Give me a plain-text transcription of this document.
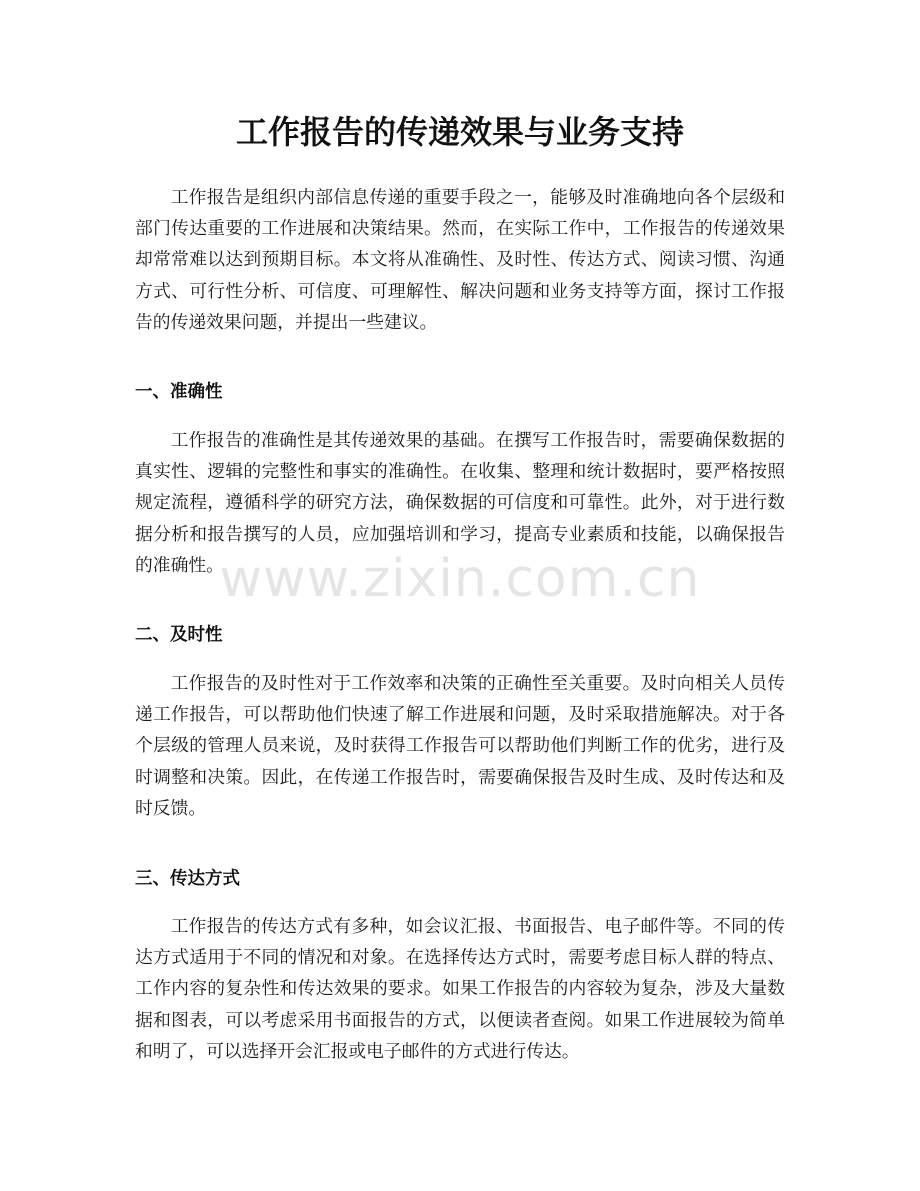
工作报告的传递效果与业务支持

工作报告是组织内部信息传递的重要手段之一，能够及时准确地向各个层级和部门传达重要的工作进展和决策结果。然而，在实际工作中，工作报告的传递效果却常常难以达到预期目标。本文将从准确性、及时性、传达方式、阅读习惯、沟通方式、可行性分析、可信度、可理解性、解决问题和业务支持等方面，探讨工作报告的传递效果问题，并提出一些建议。

一、准确性

工作报告的准确性是其传递效果的基础。在撰写工作报告时，需要确保数据的真实性、逻辑的完整性和事实的准确性。在收集、整理和统计数据时，要严格按照规定流程，遵循科学的研究方法，确保数据的可信度和可靠性。此外，对于进行数据分析和报告撰写的人员，应加强培训和学习，提高专业素质和技能，以确保报告的准确性。

二、及时性

工作报告的及时性对于工作效率和决策的正确性至关重要。及时向相关人员传递工作报告，可以帮助他们快速了解工作进展和问题，及时采取措施解决。对于各个层级的管理人员来说，及时获得工作报告可以帮助他们判断工作的优劣，进行及时调整和决策。因此，在传递工作报告时，需要确保报告及时生成、及时传达和及时反馈。

三、传达方式

工作报告的传达方式有多种，如会议汇报、书面报告、电子邮件等。不同的传达方式适用于不同的情况和对象。在选择传达方式时，需要考虑目标人群的特点、工作内容的复杂性和传达效果的要求。如果工作报告的内容较为复杂，涉及大量数据和图表，可以考虑采用书面报告的方式，以便读者查阅。如果工作进展较为简单和明了，可以选择开会汇报或电子邮件的方式进行传达。

www.zixin.com.cn
